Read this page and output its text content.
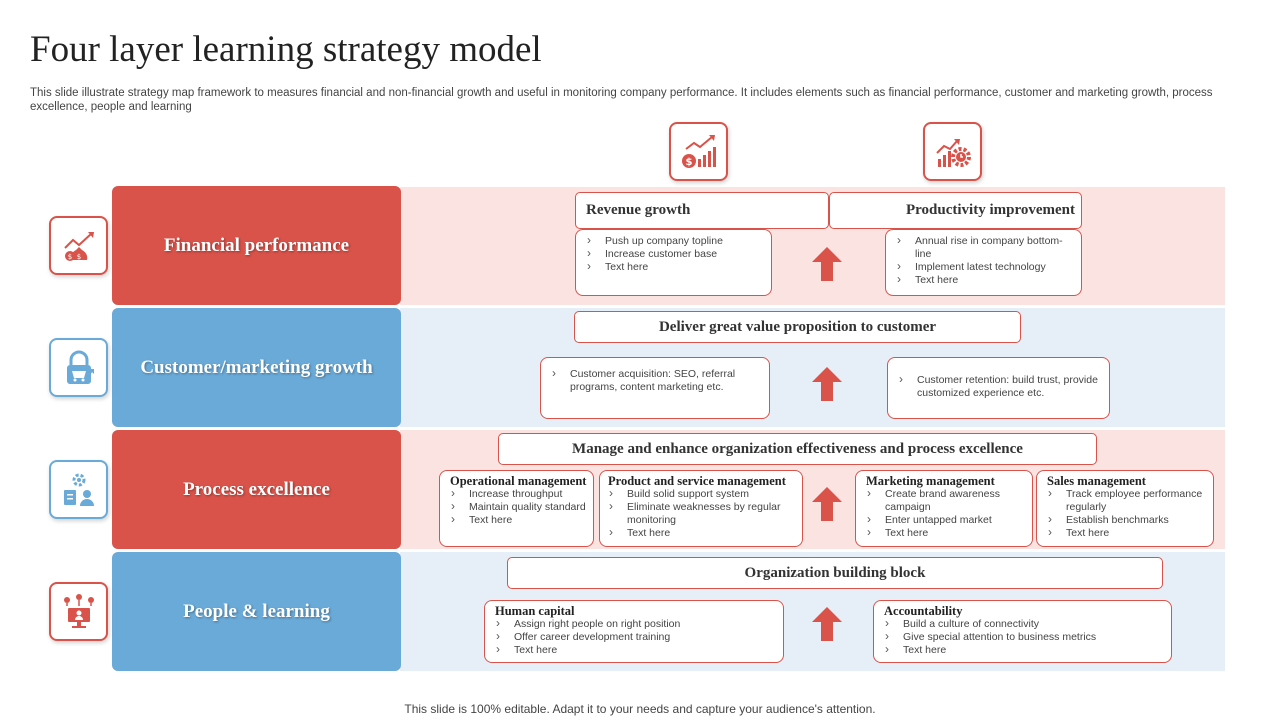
Four layer learning strategy model
This slide illustrate strategy map framework to measures financial and non-financial growth and useful in monitoring company performance. It includes elements such as financial performance, customer and marketing growth, process excellence, people and learning
Financial performance
Customer/marketing growth
Process excellence
People & learning
$ $
$
Revenue growth	Productivity improvement
› Push up company topline
› Increase customer base
› Text here
› Annual rise in company bottom-line
› Implement latest technology
› Text here
Deliver great value proposition to customer
› Customer acquisition: SEO, referral programs, content marketing etc.
› Customer retention: build trust, provide customized experience etc.
Manage and enhance organization effectiveness and process excellence
Operational management
› Increase throughput
› Maintain quality standard
› Text here
Product and service management
› Build solid support system
› Eliminate weaknesses by regular monitoring
› Text here
Marketing management
› Create brand awareness campaign
› Enter untapped market
› Text here
Sales management
› Track employee performance regularly
› Establish benchmarks
› Text here
Organization building block
Human capital
› Assign right people on right position
› Offer career development training
› Text here
Accountability
› Build a culture of connectivity
› Give special attention to business metrics
› Text here
This slide is 100% editable. Adapt it to your needs and capture your audience's attention.
